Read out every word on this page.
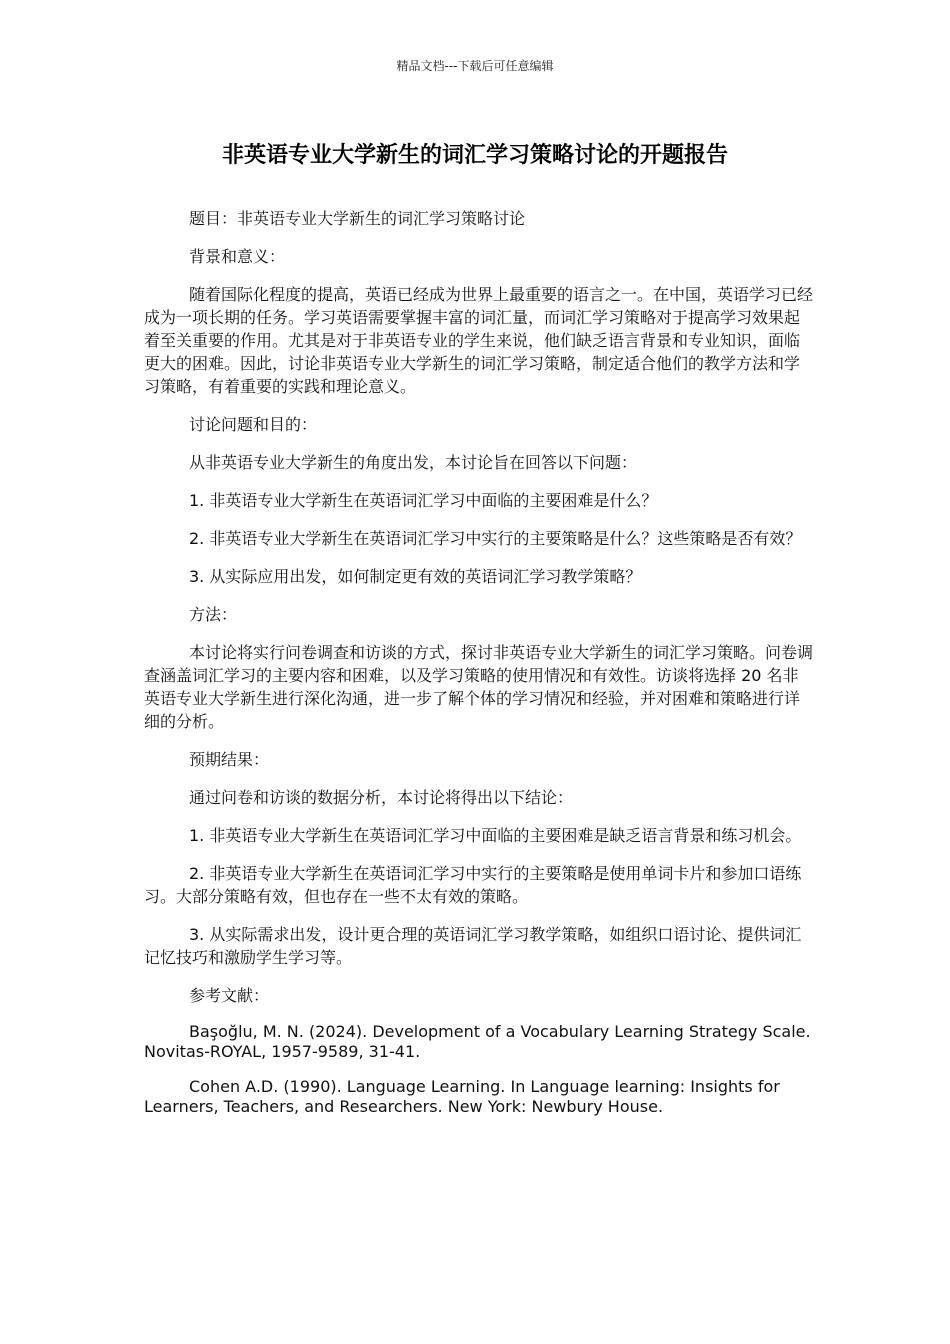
精品文档---下载后可任意编辑
非英语专业大学新生的词汇学习策略讨论的开题报告

题目：非英语专业大学新生的词汇学习策略讨论

背景和意义：

随着国际化程度的提高，英语已经成为世界上最重要的语言之一。在中国，英语学习已经成为一项长期的任务。学习英语需要掌握丰富的词汇量，而词汇学习策略对于提高学习效果起着至关重要的作用。尤其是对于非英语专业的学生来说，他们缺乏语言背景和专业知识，面临更大的困难。因此，讨论非英语专业大学新生的词汇学习策略，制定适合他们的教学方法和学习策略，有着重要的实践和理论意义。

讨论问题和目的：

从非英语专业大学新生的角度出发，本讨论旨在回答以下问题：

1. 非英语专业大学新生在英语词汇学习中面临的主要困难是什么？

2. 非英语专业大学新生在英语词汇学习中实行的主要策略是什么？这些策略是否有效？

3. 从实际应用出发，如何制定更有效的英语词汇学习教学策略？

方法：

本讨论将实行问卷调查和访谈的方式，探讨非英语专业大学新生的词汇学习策略。问卷调查涵盖词汇学习的主要内容和困难，以及学习策略的使用情况和有效性。访谈将选择 20 名非英语专业大学新生进行深化沟通，进一步了解个体的学习情况和经验，并对困难和策略进行详细的分析。

预期结果：

通过问卷和访谈的数据分析，本讨论将得出以下结论：

1. 非英语专业大学新生在英语词汇学习中面临的主要困难是缺乏语言背景和练习机会。

2. 非英语专业大学新生在英语词汇学习中实行的主要策略是使用单词卡片和参加口语练习。大部分策略有效，但也存在一些不太有效的策略。

3. 从实际需求出发，设计更合理的英语词汇学习教学策略，如组织口语讨论、提供词汇记忆技巧和激励学生学习等。

参考文献：

Başoğlu, M. N. (2024). Development of a Vocabulary Learning Strategy Scale. Novitas-ROYAL, 1957-9589, 31-41.

Cohen A.D. (1990). Language Learning. In Language learning: Insights for Learners, Teachers, and Researchers. New York: Newbury House.
